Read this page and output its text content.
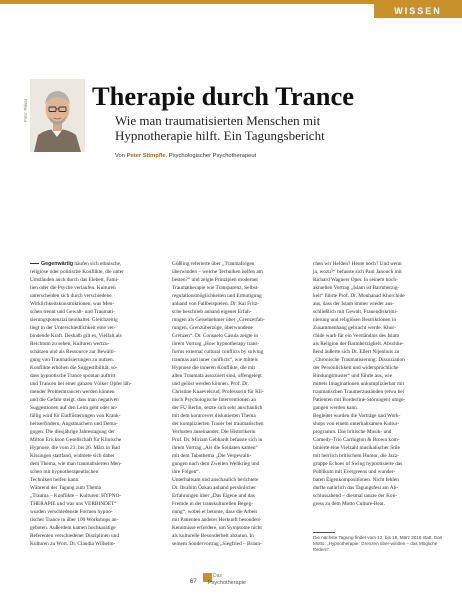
WISSEN
Foto: Privat Therapie durch Trance

Wie man traumatisierten Menschen mit Hypnotherapie hilft. Ein Tagungsbericht

Von Peter Stimpfle, Psychologischer Psychotherapeut
Gegenwärtig häufen sich ethnische,
religiöse oder politische Konflikte, die unter
Umständen auch durch das Elebett, Fami-
lien oder die Psyche verlaufen. Kulturen
unterscheiden sich durch verschiedene
Wirklichkeitskonstruktionen, was Men-
schen trennt und Gewalt- und Traumati-
sierungspotenzial beinhaltet. Gleichzeitig
liegt in der Unterschiedlichkeit eine ver-
bindende Kraft. Deshalb gilt es, Vielfalt als
Reichtum zu sehen, Kulturen wertzu-
schätzen und als Ressource zur Bewälti-
gung von Traumatisierungen zu nutzen.
Konflikte erhöhen die Suggestibilität, so-
dass hypnotische Trance spontan auftritt
und Trancen bei einer ganzen Völker Opfer läh-
mender Problemtrancen werden können
und die Gefahr steigt, dass man negativen
Suggestionen auf den Leim geht oder an-
fällig wird für Einflüsterungen von Krank-
heitserfindern, Angstmachern und Dema-
gogen. Die diesjährige Jahrestagung der
Milton Erickson Gesellschaft für Klinische
Hypnose, die vom 23. bis 26. März in Bad
Kissingen stattfand, widmete sich daher
dem Thema, wie man traumatisierten Men-
schen mit hypnotherapeutischen
Techniken helfen kann.
Während der Tagung zum Thema
„Trauma – Konflikte – Kulturen: HYPNO-
THERAPIE und was uns VERBINDET“
wurden verschiedenste Formen hypno-
tischer Trance in über 100 Workshops an-
geboten. Außerdem kamen hochkarätige
Referenten verschiedener Disziplinen und
Kulturen zu Wort. Dr. Claudia Wilhelm-
Gößling referierte über „Traumafolgen
überwinden – welche Techniken helfen am
besten?“ und zeigte Prinzipien moderner
Traumatherapie wie Transparenz, Selbst-
regulationsmöglichkeiten und Ermutigung
anhand von Fallbeispielen. Dr. Kai Fritz-
sche beschrieb anhand eigener Erfah-
rungen als Geiselnehmer über „Grenzerfah-
rungen, Grenzüberzüge, überwundene
Grenzen“. Dr. Consuelo Casula zeigte in
ihrem Vortrag „How hypnotherapy trans-
forms external cultural conflicts by solving
traumas and inner conflicts“, wie mittels
Hypnose die inneren Konflikte, die mit
alten Traumata assoziiert sind, offengelegt
und gelöst werden können. Prof. Dr.
Christine Knaevelsrud, Professorin für Kli-
nisch Psychologische Interventionen an
der FU Berlin, setzte sich sehr anschaulich
mit dem kontrovers diskutierten Thema
der komplizierten Trauer bei traumatischen
Verlusten auseinander. Die Historikerin
Prof. Dr. Miriam Gebhardt befasste sich in
ihrem Vortrag „Als die Soldaten kamen“
mit dem Tabuthema „Die Vergewalti-
gungen nach dem Zweiten Weltkrieg und
ihre Folgen“.
Unterhaltsam und anschaulich berichtete
Dr. Ibrahim Özkan anhand persönlicher
Erfahrungen über „Das Eigene und das
Fremde in der transkulturellen Begeg-
nung“, wobei er betonte, dass die Arbeit
mit Patienten anderer Herkunft besondere
Kenntnisse erfordere, um Symptome nicht
als kulturelle Besonderheit abzutun. In
seinem Sondervortrag „Siegfried – Braun-
chen wir Helden? Heute noch? Und wenn
ja, wozu?“ befasste sich Paul Janouch mit
Richard Wagners Oper. In seinem hoch-
aktuellen Vortrag „Islam ist Barmherzig-
keit“ führte Prof. Dr. Mouhanad Khorchide
aus, dass der Islam immer wieder aus-
schließlich mit Gewalt, Frauendiskrimi-
nierung und religiösen Restriktionen in
Zusammenhang gebracht werde. Khor-
chide warb für ein Verständnis des Islam
als Religion der Barmherzigkeit. Abschlie-
ßend äußerte sich Dr. Ellert Nijenhuis zu
„Chronische Traumatisierung: Dissoziation
der Persönlichkeit und widersprüchliche
Bindungsmuster“ und führte aus, wie
mittels Imaginationen unkomplizierbar mit
traumatischen Traumerzuständen (etwa bei
Patienten mit Borderline-Störungen) umge-
gangen werden kann.
Begleitet wurden die Vorträge und Work-
shops von einem unterhaltsamen Kultur-
programm. Das britische Musik- und
Comedy-Trio Carrington & Brown kom-
binierte eine Vielzahl musikalischer Stile
mit herrlich britischem Humor, die Jazz-
gruppe Echoes of Swing hypnotisierte das
Publikum mit Evergreens und wunder-
baren Eigenkompositionen. Nicht fehlen
durfte natürlich das Tagungsfest am Ab-
schlussabend – diesmal tanzte der Kon-
gress zu dem Motto Culture-Beat.
Die nächste Tagung findet vom 12. bis 18. März 2018 statt. Das Motto: „Hypnotherapie: Grenzen über-winden – das Mögliche fördern“.
67
Das
Psychotherapie
